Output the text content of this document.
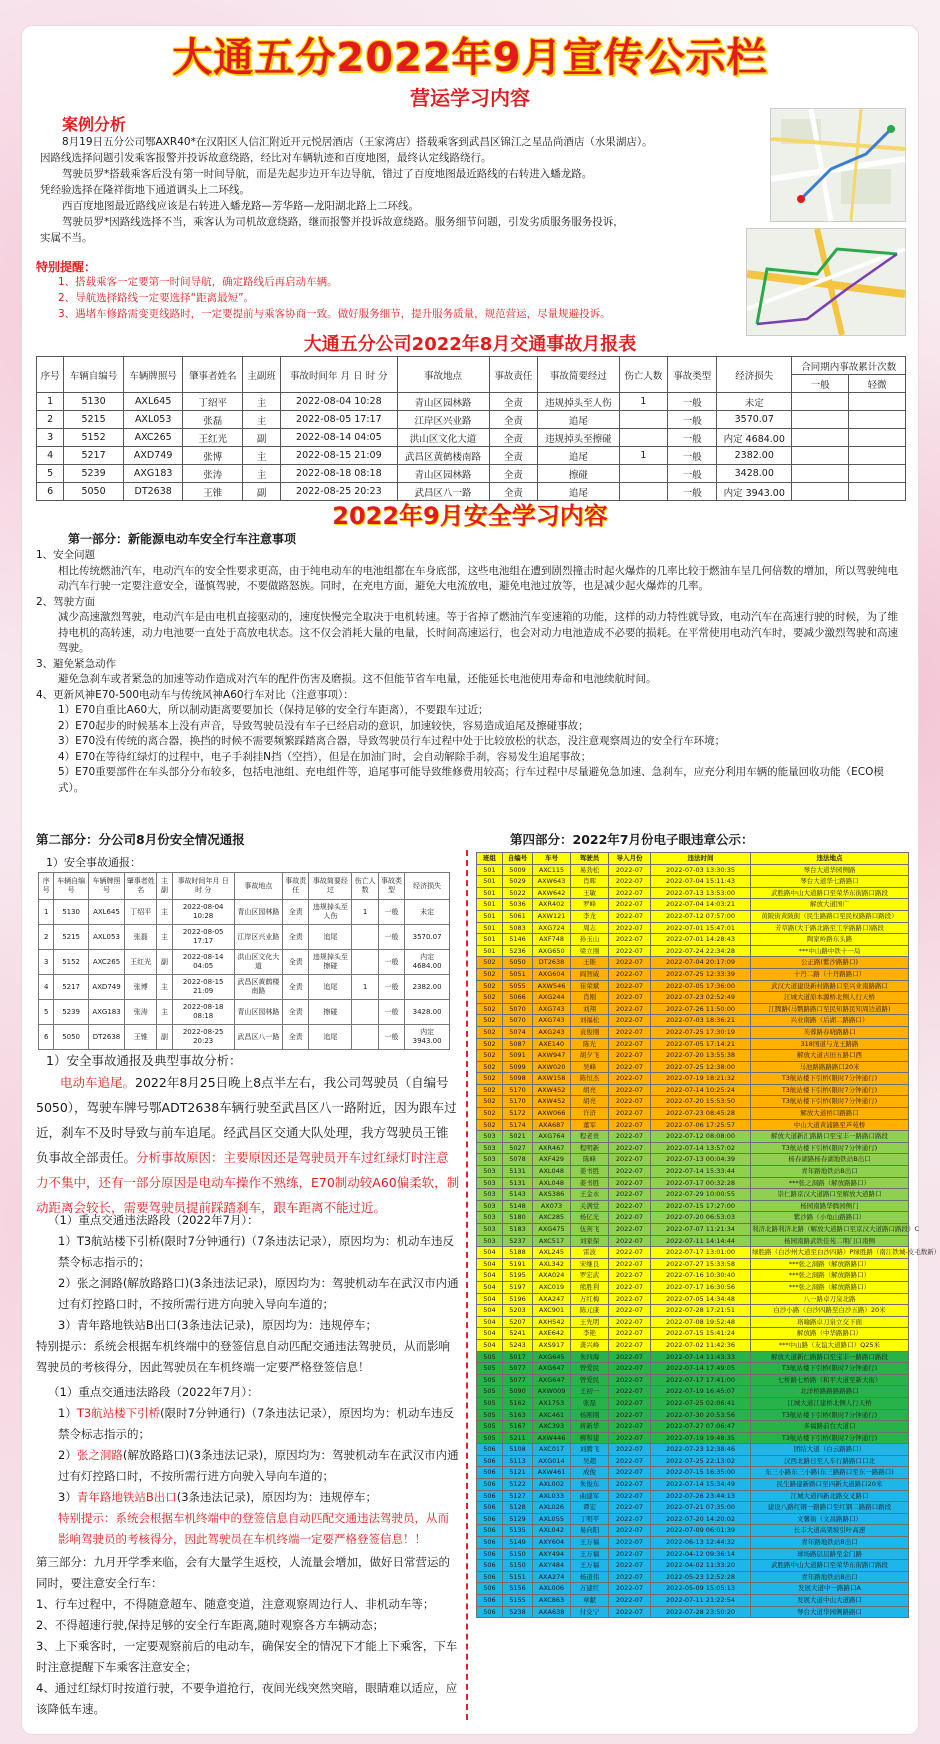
大通五分2022年9月宣传公示栏
营运学习内容
案例分析
8月19日五分公司鄂AXR40*在汉阳区人信汇附近开元悦居酒店（王家湾店）搭载乘客到武昌区锦江之星品尚酒店（水果湖店）。
因路线选择问题引发乘客报警并投诉故意绕路，经比对车辆轨迹和百度地图，最终认定线路绕行。
驾驶员罗*搭载乘客后没有第一时间导航，而是先起步边开车边导航，错过了百度地图最近路线的右转进入蟠龙路。
凭经验选择在隆祥街地下通道调头上二环线。
西百度地图最近路线应该是右转进入蟠龙路—芳华路—龙阳湖北路上二环线。
驾驶员罗*因路线选择不当，乘客认为司机故意绕路，继而报警并投诉故意绕路。服务细节问题，引发劣质服务服务投诉，
实属不当。
特别提醒：
1、搭载乘客一定要第一时间导航，确定路线后再启动车辆。
2、导航选择路线一定要选择“距离最短”。
3、遇堵车修路需变更线路时，一定要提前与乘客协商一致。做好服务细节，提升服务质量，规范营运，尽量规避投诉。
大通五分公司2022年8月交通事故月报表
序号	车辆自编号	车辆牌照号	肇事者姓名	主副班	事故时间年 月 日 时 分	事故地点	事故责任	事故简要经过	伤亡人数	事故类型	经济损失	合同期内事故累计次数	
												一般	轻微
1	5130	AXL645	丁绍平	主	2022-08-04 10:28	青山区园林路	全责	违规掉头至人伤	1	一般	未定		
2	5215	AXL053	张磊	主	2022-08-05 17:17	江岸区兴业路	全责	追尾		一般	3570.07		
3	5152	AXC265	王红光	副	2022-08-14 04:05	洪山区文化大道	全责	违规掉头至擦碰		一般	内定 4684.00		
4	5217	AXD749	张博	主	2022-08-15 21:09	武昌区黄鹤楼南路	全责	追尾	1	一般	2382.00		
5	5239	AXG183	张涛	主	2022-08-18 08:18	青山区园林路	全责	擦碰		一般	3428.00		
6	5050	DT2638	王锥	副	2022-08-25 20:23	武昌区八一路	全责	追尾		一般	内定 3943.00		
2022年9月安全学习内容
第一部分：新能源电动车安全行车注意事项
1、安全问题
相比传统燃油汽车，电动汽车的安全性要求更高，由于纯电动车的电池组都在车身底部，这些电池组在遭到剧烈撞击时起火爆炸的几率比较于燃油车呈几何倍数的增加，所以驾驶纯电动汽车行驶一定要注意安全，谨慎驾驶，不要做路怒族。同时，在充电方面，避免大电流放电，避免电池过放等，也是减少起火爆炸的几率。
2、驾驶方面
减少高速激烈驾驶，电动汽车是由电机直接驱动的，速度快慢完全取决于电机转速。等于省掉了燃油汽车变速箱的功能，这样的动力特性就导致，电动汽车在高速行驶的时候，为了维持电机的高转速，动力电池要一直处于高放电状态。这不仅会消耗大量的电量，长时间高速运行，也会对动力电池造成不必要的损耗。在平常使用电动汽车时，要减少激烈驾驶和高速驾驶。
3、避免紧急动作
避免急刹车或者紧急的加速等动作造成对汽车的配件伤害及磨损。这不但能节省车电量，还能延长电池使用寿命和电池续航时间。
4、更新风神E70-500电动车与传统风神A60行车对比（注意事项）：
1）E70自重比A60大，所以制动距离要要加长（保持足够的安全行车距离），不要跟车过近；
2）E70起步的时候基本上没有声音，导致驾驶员没有车子已经启动的意识，加速较快，容易造成追尾及擦碰事故；
3）E70没有传统的离合器，换挡的时候不需要频繁踩踏离合器，导致驾驶员行车过程中处于比较放松的状态，没注意观察周边的安全行车环境；
4）E70在等待红绿灯的过程中，电子手刹挂N挡（空挡），但是在加油门时，会自动解除手刹，容易发生追尾事故；
5）E70重要部件在车头部分分布较多，包括电池组、充电组件等，追尾事可能导致维修费用较高；行车过程中尽量避免急加速、急刹车，应充分利用车辆的能量回收功能（ECO模式）。
第二部分：分公司8月份安全情况通报
1）安全事故通报：
序号	车辆自编号	车辆牌照号	肇事者姓名	主副	事故时间年月 日 时 分	事故地点	事故责任	事故简要经过	伤亡人数	事故类型	经济损失
1	5130	AXL645	丁绍平	主	2022-08-04 10:28	青山区园林路	全责	违规掉头至人伤	1	一般	未定
2	5215	AXL053	张磊	主	2022-08-05 17:17	江岸区兴业路	全责	追尾		一般	3570.07
3	5152	AXC265	王红光	副	2022-08-14 04:05	洪山区文化大道	全责	违规掉头至擦碰		一般	内定 4684.00
4	5217	AXD749	张博	主	2022-08-15 21:09	武昌区黄鹤楼南路	全责	追尾	1	一般	2382.00
5	5239	AXG183	张涛	主	2022-08-18 08:18	青山区园林路	全责	擦碰		一般	3428.00
6	5050	DT2638	王锥	副	2022-08-25 20:23	武昌区八一路	全责	追尾		一般	内定 3943.00
1）安全事故通报及典型事故分析：
电动车追尾。2022年8月25日晚上8点半左右，我公司驾驶员（自编号5050），驾驶车牌号鄂ADT2638车辆行驶至武昌区八一路附近，因为跟车过近，刹车不及时导致与前车追尾。经武昌区交通大队处理，我方驾驶员王锥负事故全部责任。分析事故原因：主要原因还是驾驶员开车过红绿灯时注意力不集中，还有一部分原因是电动车操作不熟练，E70制动较A60偏柔软，制动距离会较长，需要驾驶员提前踩踏刹车，跟车距离不能过近。
（1）重点交通违法路段（2022年7月）：
1）T3航站楼下引桥(限时7分钟通行)（7条违法记录），原因均为：机动车违反禁令标志指示的；
2）张之洞路(解放路路口)(3条违法记录)，原因均为：驾驶机动车在武汉市内通过有灯控路口时，不按所需行进方向驶入导向车道的；
3）青年路地铁站B出口(3条违法记录)，原因均为：违规停车；
特别提示：系统会根据车机终端中的登签信息自动匹配交通违法驾驶员，从而影响驾驶员的考核得分，因此驾驶员在车机终端一定要严格登签信息！
（1）重点交通违法路段（2022年7月）：
1）T3航站楼下引桥(限时7分钟通行)（7条违法记录），原因均为：机动车违反禁令标志指示的；
2）张之洞路(解放路路口)(3条违法记录)，原因均为：驾驶机动车在武汉市内通过有灯控路口时，不按所需行进方向驶入导向车道的；
3）青年路地铁站B出口(3条违法记录)，原因均为：违规停车；
特别提示：系统会根据车机终端中的登签信息自动匹配交通违法驾驶员，从而影响驾驶员的考核得分，因此驾驶员在车机终端一定要严格登签信息！！
第三部分：九月开学季来临，会有大量学生返校，人流量会增加，做好日常营运的同时，要注意安全行车：
1、行车过程中，不得随意超车、随意变道，注意观察周边行人、非机动车等；
2、不得超速行驶,保持足够的安全行车距离,随时观察各方车辆动态；
3、上下乘客时，一定要观察前后的电动车，确保安全的情况下才能上下乘客，下车时注意提醒下车乘客注意安全；
4、通过红绿灯时按道行驶，不要争道抢行，夜间光线突然突暗，眼睛难以适应，应该降低车速。
第四部分：2022年7月份电子眼违章公示：
班组	自编号	车号	驾驶员	导入月份	违法时间	违法地点
501	5009	AXC115	易劲松	2022-07	2022-07-03 13:30:35	琴台大道华园侧路
501	5029	AXW643	肖晖	2022-07	2022-07-04 15:11:43	琴台大道华七路路口
501	5022	AXW642	王敏	2022-07	2022-07-13 13:53:00	武胜路中山大道路口至荣华东街路口路段
501	5036	AXR402	罗峰	2022-07	2022-07-04 14:03:21	解放大道国广
501	5061	AXW121	李龙	2022-07	2022-07-12 07:57:00	黄陂街黄陂街（民生路路口至民权路路口路段）
501	5083	AXG724	周志	2022-07	2022-07-01 15:47:01	芳草路(大于路北路至工学路路口)路段
501	5146	AXF748	孙玉山	2022-07	2022-07-01 14:28:43	陶家岭路东头路
501	5236	AXG650	梁立刚	2022-07	2022-07-24 22:34:28	***中山路中铁十一局
502	5050	DT2638	王锥	2022-07	2022-07-04 20:17:09	公正路(紫沙路路口)
502	5051	AXG604	阎智威	2022-07	2022-07-25 12:33:39	十丹二路（十丹路路口）
502	5055	AXW546	崔荣斌	2022-07	2022-07-05 17:36:00	武汉大道建设新村路路口至兴业南路路口
502	5066	AXG244	肖刚	2022-07	2022-07-23 02:52:49	江城大道原本源桥北侧人行天桥
502	5070	AXG743	刘翔	2022-07	2022-07-26 11:50:00	江腾路(马鹦路路口至民知路民知周边道路)
502	5070	AXG743	刘福松	2022-07	2022-07-03 18:36:21	兴业南路（后湖二路路口）
502	5074	AXG243	袁俊刚	2022-07	2022-07-25 17:30:19	芙蓉路春晓路路口
502	5087	AXE140	陈光	2022-07	2022-07-05 17:14:21	318国道与龙王路路
502	5091	AXW947	胡夕飞	2022-07	2022-07-20 13:55:38	解放大道古田五路口西
502	5099	AXW020	吴峰	2022-07	2022-07-25 12:38:00	马池路路路路口20米
502	5098	AXW158	陈恒杰	2022-07	2022-07-19 18:21:32	T3航站楼下引桥(限时7分钟通行)
502	5170	AXW452	胡亮	2022-07	2022-07-14 10:25:24	T3航站楼下引桥(限时7分钟通行)
502	5170	AXW452	胡亮	2022-07	2022-07-20 15:53:50	T3航站楼下引桥(限时7分钟通行)
502	5172	AXW066	许浒	2022-07	2022-07-23 08:45:28	解放大道桥口路路口
502	5174	AXA687	董军	2022-07	2022-07-06 17:25:57	中山大道黄浦路至芦苑桥
503	5021	AXG764	程老贵	2022-07	2022-07-12 08:08:00	解放大道新汇路路口至宝丰一路路口路段
503	5027	AXR467	程明新	2022-07	2022-07-14 13:57:02	T3航站楼下引桥(限时7分钟通行)
503	5078	AXF429	陈峰	2022-07	2022-07-13 00:04:39	杨春湖路杨春湖地铁站B出口
503	5131	AXL048	姜书胜	2022-07	2022-07-14 15:33:44	青年路地铁站B出口
503	5131	AXL048	姜书胜	2022-07	2022-07-17 00:32:28	***张之洞路（解放路路口）
503	5143	AXS386	王金永	2022-07	2022-07-29 10:00:55	崇仁路京汉大道路口至解放大道路口
503	5148	AX073	关满堂	2022-07	2022-07-15 17:27:00	杨园南路华腾园侧门
503	5180	AXC285	杨亿光	2022-07	2022-07-20 06:53:03	紫沙路（小龟山路路口）
503	5183	AXG475	伍剑飞	2022-07	2022-07-07 11:21:34	利济北路利济北路（解放大道路口至京汉大道路口路段）C
503	5237	AXC517	刘家保	2022-07	2022-07-11 14:14:44	杨园南路武铁佳苑二期门口南侧
504	5188	AXL245	雷波	2022-07	2022-07-17 13:01:00	绿胜路（白沙州大道至白沙四路）P绿胜路（南江铁城-皮毛数新）
504	5191	AXL342	宋继良	2022-07	2022-07-27 15:33:58	***张之洞路（解放路路口）
504	5195	AXA024	罗宏武	2022-07	2022-07-16 10:30:40	***张之洞路（解放路路口）
504	5197	AXC019	熊胜利	2022-07	2022-07-17 16:30:56	***张之洞路（解放路路口）
504	5196	AXA247	万红梅	2022-07	2022-07-05 14:34:48	八一路卓刀泉北路
504	5203	AXC901	陈元康	2022-07	2022-07-28 17:21:51	白沙小路（白沙四路至白沙五路）20米
504	5207	AXH542	王先明	2022-07	2022-07-08 19:52:48	珞喻路卓刀泉立交下面
504	5241	AXE642	李艳	2022-07	2022-07-15 15:41:24	解放路（中华路路口）
504	5243	AXS917	龚兴峰	2022-07	2022-07-02 11:42:36	***中山路（友谊大道路口）Q25米
505	5017	AXG645	朱四海	2022-07	2022-07-14 11:43:33	解放大道新仁路路口至宝丰一路路口路段
505	5077	AXG647	曾爱民	2022-07	2022-07-14 17:49:05	T3航站楼下引桥(限时7分钟通行)
505	5077	AXG647	曾爱民	2022-07	2022-07-17 17:41:00	七桥路七桥路（和平大道至新大街）
505	5090	AXW009	王初一	2022-07	2022-07-19 16:45:07	北洋桥路路路路路口
505	5162	AX1753	张磊	2022-07	2022-07-25 02:06:41	江城大道江建桥北侧人行天桥
505	5163	AXC461	杨刚刚	2022-07	2022-07-30 20:53:56	T3航站楼下引桥(限时7分钟通行)
505	5167	AXC393	蒋新华	2022-07	2022-07-27 07:06:47	多福路前台大道口
505	5211	AXW446	柳和建	2022-07	2022-07-19 19:48:35	T3航站楼下引桥(限时7分钟通行)
506	5108	AXC017	刘腾飞	2022-07	2022-07-23 12:38:46	团结大道（白云路路口）
506	5113	AXG014	吴超	2022-07	2022-07-25 22:13:02	汉西北路日至人车行路路口口北
506	5121	AXW461	成俊	2022-07	2022-07-15 16:35:00	东三小路东三小路(东三路路口至东一路路口)
506	5122	AXL002	朱俊东	2022-07	2022-07-14 15:34:49	民生路建新路口至四新大道路口20米
506	5127	AXL033	曲建军	2022-07	2022-07-26 23:44:13	江城大道四新北路交叉路口
506	5128	AXL026	谭宏	2022-07	2022-07-21 07:35:00	建设八路红钢一路路口至红钢二路路口路段
506	5129	AXL055	丁明平	2022-07	2022-07-20 14:20:02	文馨街（文昌路路口）
506	5135	AXL042	易向阳	2022-07	2022-07-09 06:01:39	长丰大道高架坡引叶高速
506	5149	AXY604	王万福	2022-07	2022-06-13 12:44:32	青年路地铁站B出口
506	5150	AXY494	王万福	2022-07	2022-04-12 09:36:14	球场路层层路至金门路
506	5150	AXY484	王万福	2022-07	2022-04-02 11:33:20	武胜路中山大道路口至荣华东街路口路段
506	5151	AXA274	杨道伟	2022-07	2022-05-23 12:52:28	青年路地铁站B出口
506	5156	AXL006	万建红	2022-07	2022-05-09 15:05:13	发展大道中一路路口A
506	5155	AXC863	章献	2022-07	2022-07-11 21:22:54	发展大道中山大道路口
506	5238	AXA638	付交宁	2022-07	2022-07-28 23:50:20	琴台大道华园侧路路口
